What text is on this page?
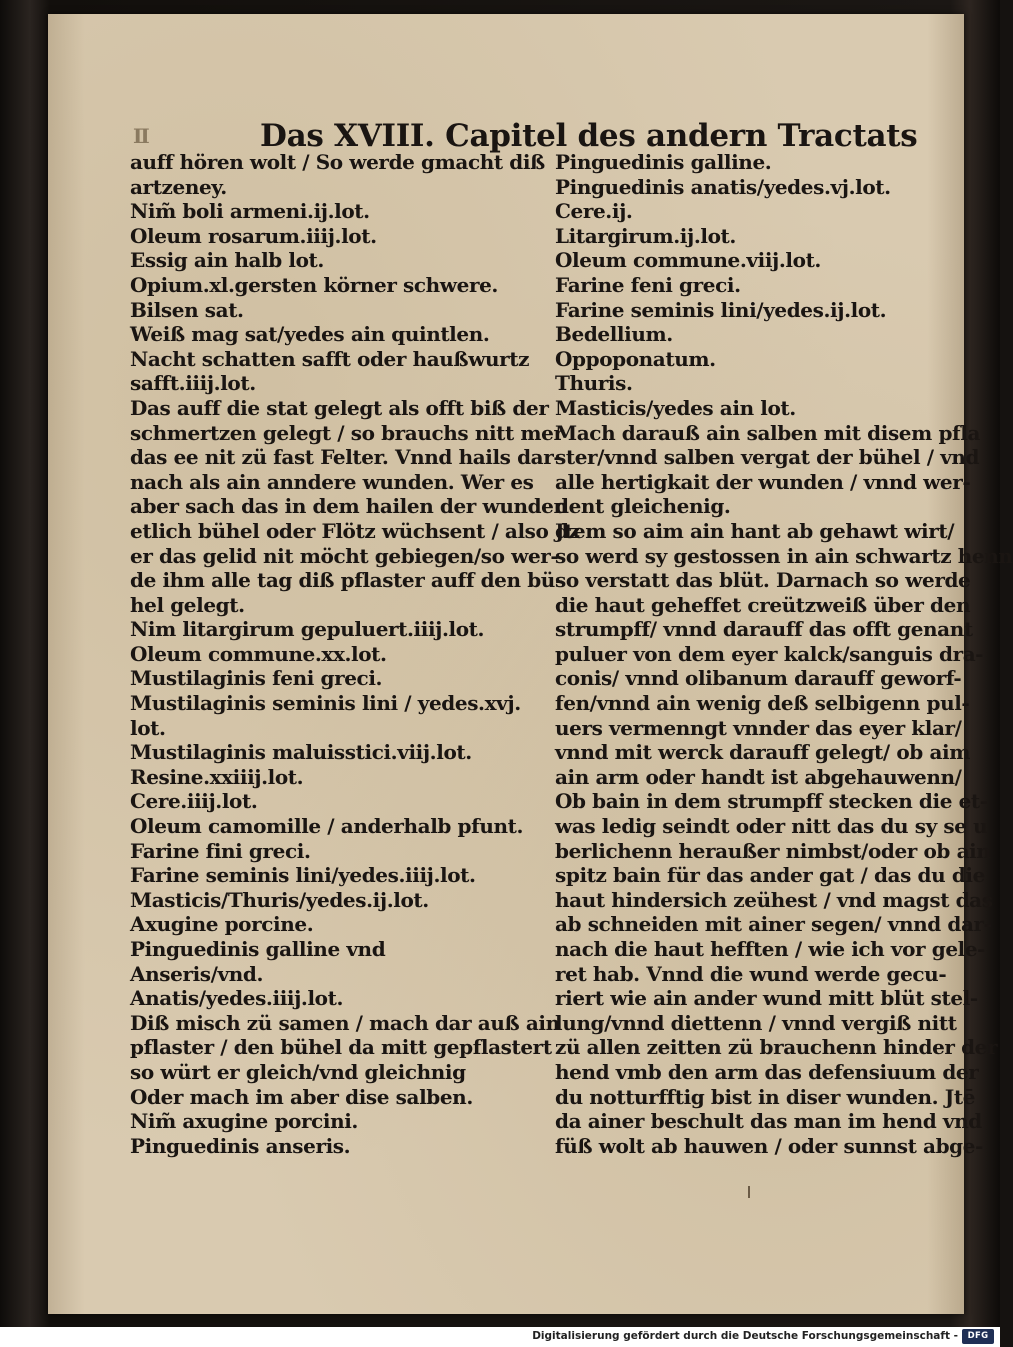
II	Das XVIII. Capitel des andern Tractats
auff hören wolt / So werde gmacht diß
artzeney.
Nim̃ boli armeni.ij.lot.
Oleum rosarum.iiij.lot.
Essig ain halb lot.
Opium.xl.gersten körner schwere.
Bilsen sat.
Weiß mag sat/yedes ain quintlen.
Nacht schatten safft oder haußwurtz
safft.iiij.lot.
Das auff die stat gelegt als offt biß der
schmertzen gelegt / so brauchs nitt mer
das ee nit zü fast Felter. Vnnd hails dar-
nach als ain anndere wunden. Wer es
aber sach das in dem hailen der wunden
etlich bühel oder Flötz wüchsent / also dz
er das gelid nit möcht gebiegen/so wer-
de ihm alle tag diß pflaster auff den bü-
hel gelegt.
Nim litargirum gepuluert.iiij.lot.
Oleum commune.xx.lot.
Mustilaginis feni greci.
Mustilaginis seminis lini / yedes.xvj.
lot.
Mustilaginis maluisstici.viij.lot.
Resine.xxiiij.lot.
Cere.iiij.lot.
Oleum camomille / anderhalb pfunt.
Farine fini greci.
Farine seminis lini/yedes.iiij.lot.
Masticis/Thuris/yedes.ij.lot.
Axugine porcine.
Pinguedinis galline vnd
Anseris/vnd.
Anatis/yedes.iiij.lot.
Diß misch zü samen / mach dar auß ain
pflaster / den bühel da mitt gepflastert
so würt er gleich/vnd gleichnig
Oder mach im aber dise salben.
Nim̃ axugine porcini.
Pinguedinis anseris.
Pinguedinis galline.
Pinguedinis anatis/yedes.vj.lot.
Cere.ij.
Litargirum.ij.lot.
Oleum commune.viij.lot.
Farine feni greci.
Farine seminis lini/yedes.ij.lot.
Bedellium.
Oppoponatum.
Thuris.
Masticis/yedes ain lot.
Mach darauß ain salben mit disem pfla
ster/vnnd salben vergat der bühel / vnd
alle hertigkait der wunden / vnnd wer-
dent gleichenig.
Jtem so aim ain hant ab gehawt wirt/
so werd sy gestossen in ain schwartz henn
so verstatt das blüt. Darnach so werde
die haut geheffet creützweiß über den
strumpff/ vnnd darauff das offt genant
puluer von dem eyer kalck/sanguis dra-
conis/ vnnd olibanum darauff geworf-
fen/vnnd ain wenig deß selbigenn pul-
uers vermenngt vnnder das eyer klar/
vnnd mit werck darauff gelegt/ ob aim
ain arm oder handt ist abgehauwenn/
Ob bain in dem strumpff stecken die et-
was ledig seindt oder nitt das du sy se u
berlichenn heraußer nimbst/oder ob ain
spitz bain für das ander gat / das du die
haut hindersich zeühest / vnd magst das
ab schneiden mit ainer segen/ vnnd dar-
nach die haut hefften / wie ich vor gele-
ret hab. Vnnd die wund werde gecu-
riert wie ain ander wund mitt blüt stel-
lung/vnnd diettenn / vnnd vergiß nitt
zü allen zeitten zü brauchenn hinder der
hend vmb den arm das defensiuum der
du notturfftig bist in diser wunden. Jtē
da ainer beschult das man im hend vnd
füß wolt ab hauwen / oder sunnst abge-
Digitalisierung gefördert durch die Deutsche Forschungsgemeinschaft -	DFG
